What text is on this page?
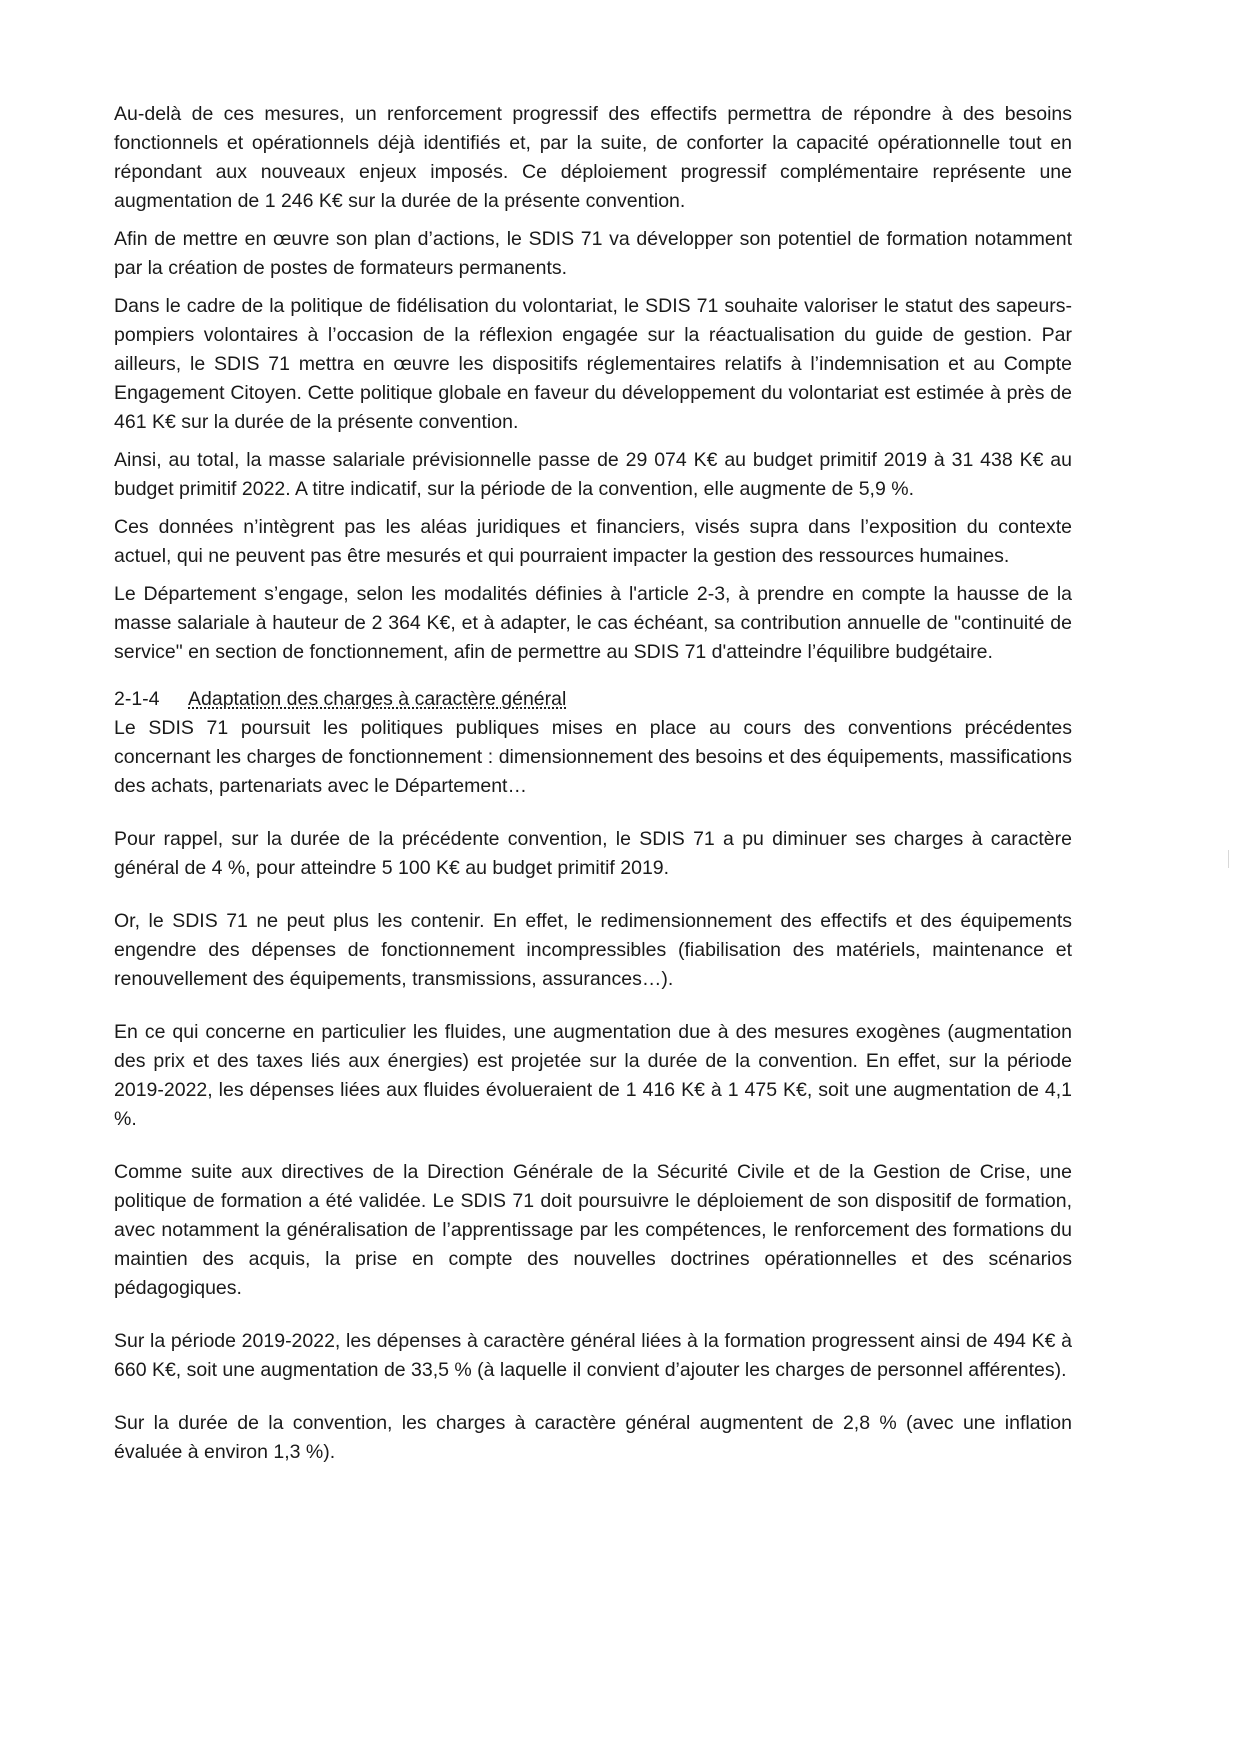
Au-delà de ces mesures, un renforcement progressif des effectifs permettra de répondre à des besoins fonctionnels et opérationnels déjà identifiés et, par la suite, de conforter la capacité opérationnelle tout en répondant aux nouveaux enjeux imposés. Ce déploiement progressif complémentaire représente une augmentation de 1 246 K€ sur la durée de la présente convention.

Afin de mettre en œuvre son plan d’actions, le SDIS 71 va développer son potentiel de formation notamment par la création de postes de formateurs permanents.

Dans le cadre de la politique de fidélisation du volontariat, le SDIS 71 souhaite valoriser le statut des sapeurs-pompiers volontaires à l’occasion de la réflexion engagée sur la réactualisation du guide de gestion. Par ailleurs, le SDIS 71 mettra en œuvre les dispositifs réglementaires relatifs à l’indemnisation et au Compte Engagement Citoyen. Cette politique globale en faveur du développement du volontariat est estimée à près de 461 K€ sur la durée de la présente convention.

Ainsi, au total, la masse salariale prévisionnelle passe de 29 074 K€ au budget primitif 2019 à 31 438 K€ au budget primitif 2022. A titre indicatif, sur la période de la convention, elle augmente de 5,9 %.

Ces données n’intègrent pas les aléas juridiques et financiers, visés supra dans l’exposition du contexte actuel, qui ne peuvent pas être mesurés et qui pourraient impacter la gestion des ressources humaines.

Le Département s’engage, selon les modalités définies à l'article 2-3, à prendre en compte la hausse de la masse salariale à hauteur de 2 364 K€, et à adapter, le cas échéant, sa contribution annuelle de "continuité de service" en section de fonctionnement, afin de permettre au SDIS 71 d'atteindre l’équilibre budgétaire.

2-1-4 Adaptation des charges à caractère général

Le SDIS 71 poursuit les politiques publiques mises en place au cours des conventions précédentes concernant les charges de fonctionnement : dimensionnement des besoins et des équipements, massifications des achats, partenariats avec le Département…

Pour rappel, sur la durée de la précédente convention, le SDIS 71 a pu diminuer ses charges à caractère général de 4 %, pour atteindre 5 100 K€ au budget primitif 2019.

Or, le SDIS 71 ne peut plus les contenir. En effet, le redimensionnement des effectifs et des équipements engendre des dépenses de fonctionnement incompressibles (fiabilisation des matériels, maintenance et renouvellement des équipements, transmissions, assurances…).

En ce qui concerne en particulier les fluides, une augmentation due à des mesures exogènes (augmentation des prix et des taxes liés aux énergies) est projetée sur la durée de la convention. En effet, sur la période 2019-2022, les dépenses liées aux fluides évolueraient de 1 416 K€ à 1 475 K€, soit une augmentation de 4,1 %.

Comme suite aux directives de la Direction Générale de la Sécurité Civile et de la Gestion de Crise, une politique de formation a été validée. Le SDIS 71 doit poursuivre le déploiement de son dispositif de formation, avec notamment la généralisation de l’apprentissage par les compétences, le renforcement des formations du maintien des acquis, la prise en compte des nouvelles doctrines opérationnelles et des scénarios pédagogiques.

Sur la période 2019-2022, les dépenses à caractère général liées à la formation progressent ainsi de 494 K€ à 660 K€, soit une augmentation de 33,5 % (à laquelle il convient d’ajouter les charges de personnel afférentes).

Sur la durée de la convention, les charges à caractère général augmentent de 2,8 % (avec une inflation évaluée à environ 1,3 %).
